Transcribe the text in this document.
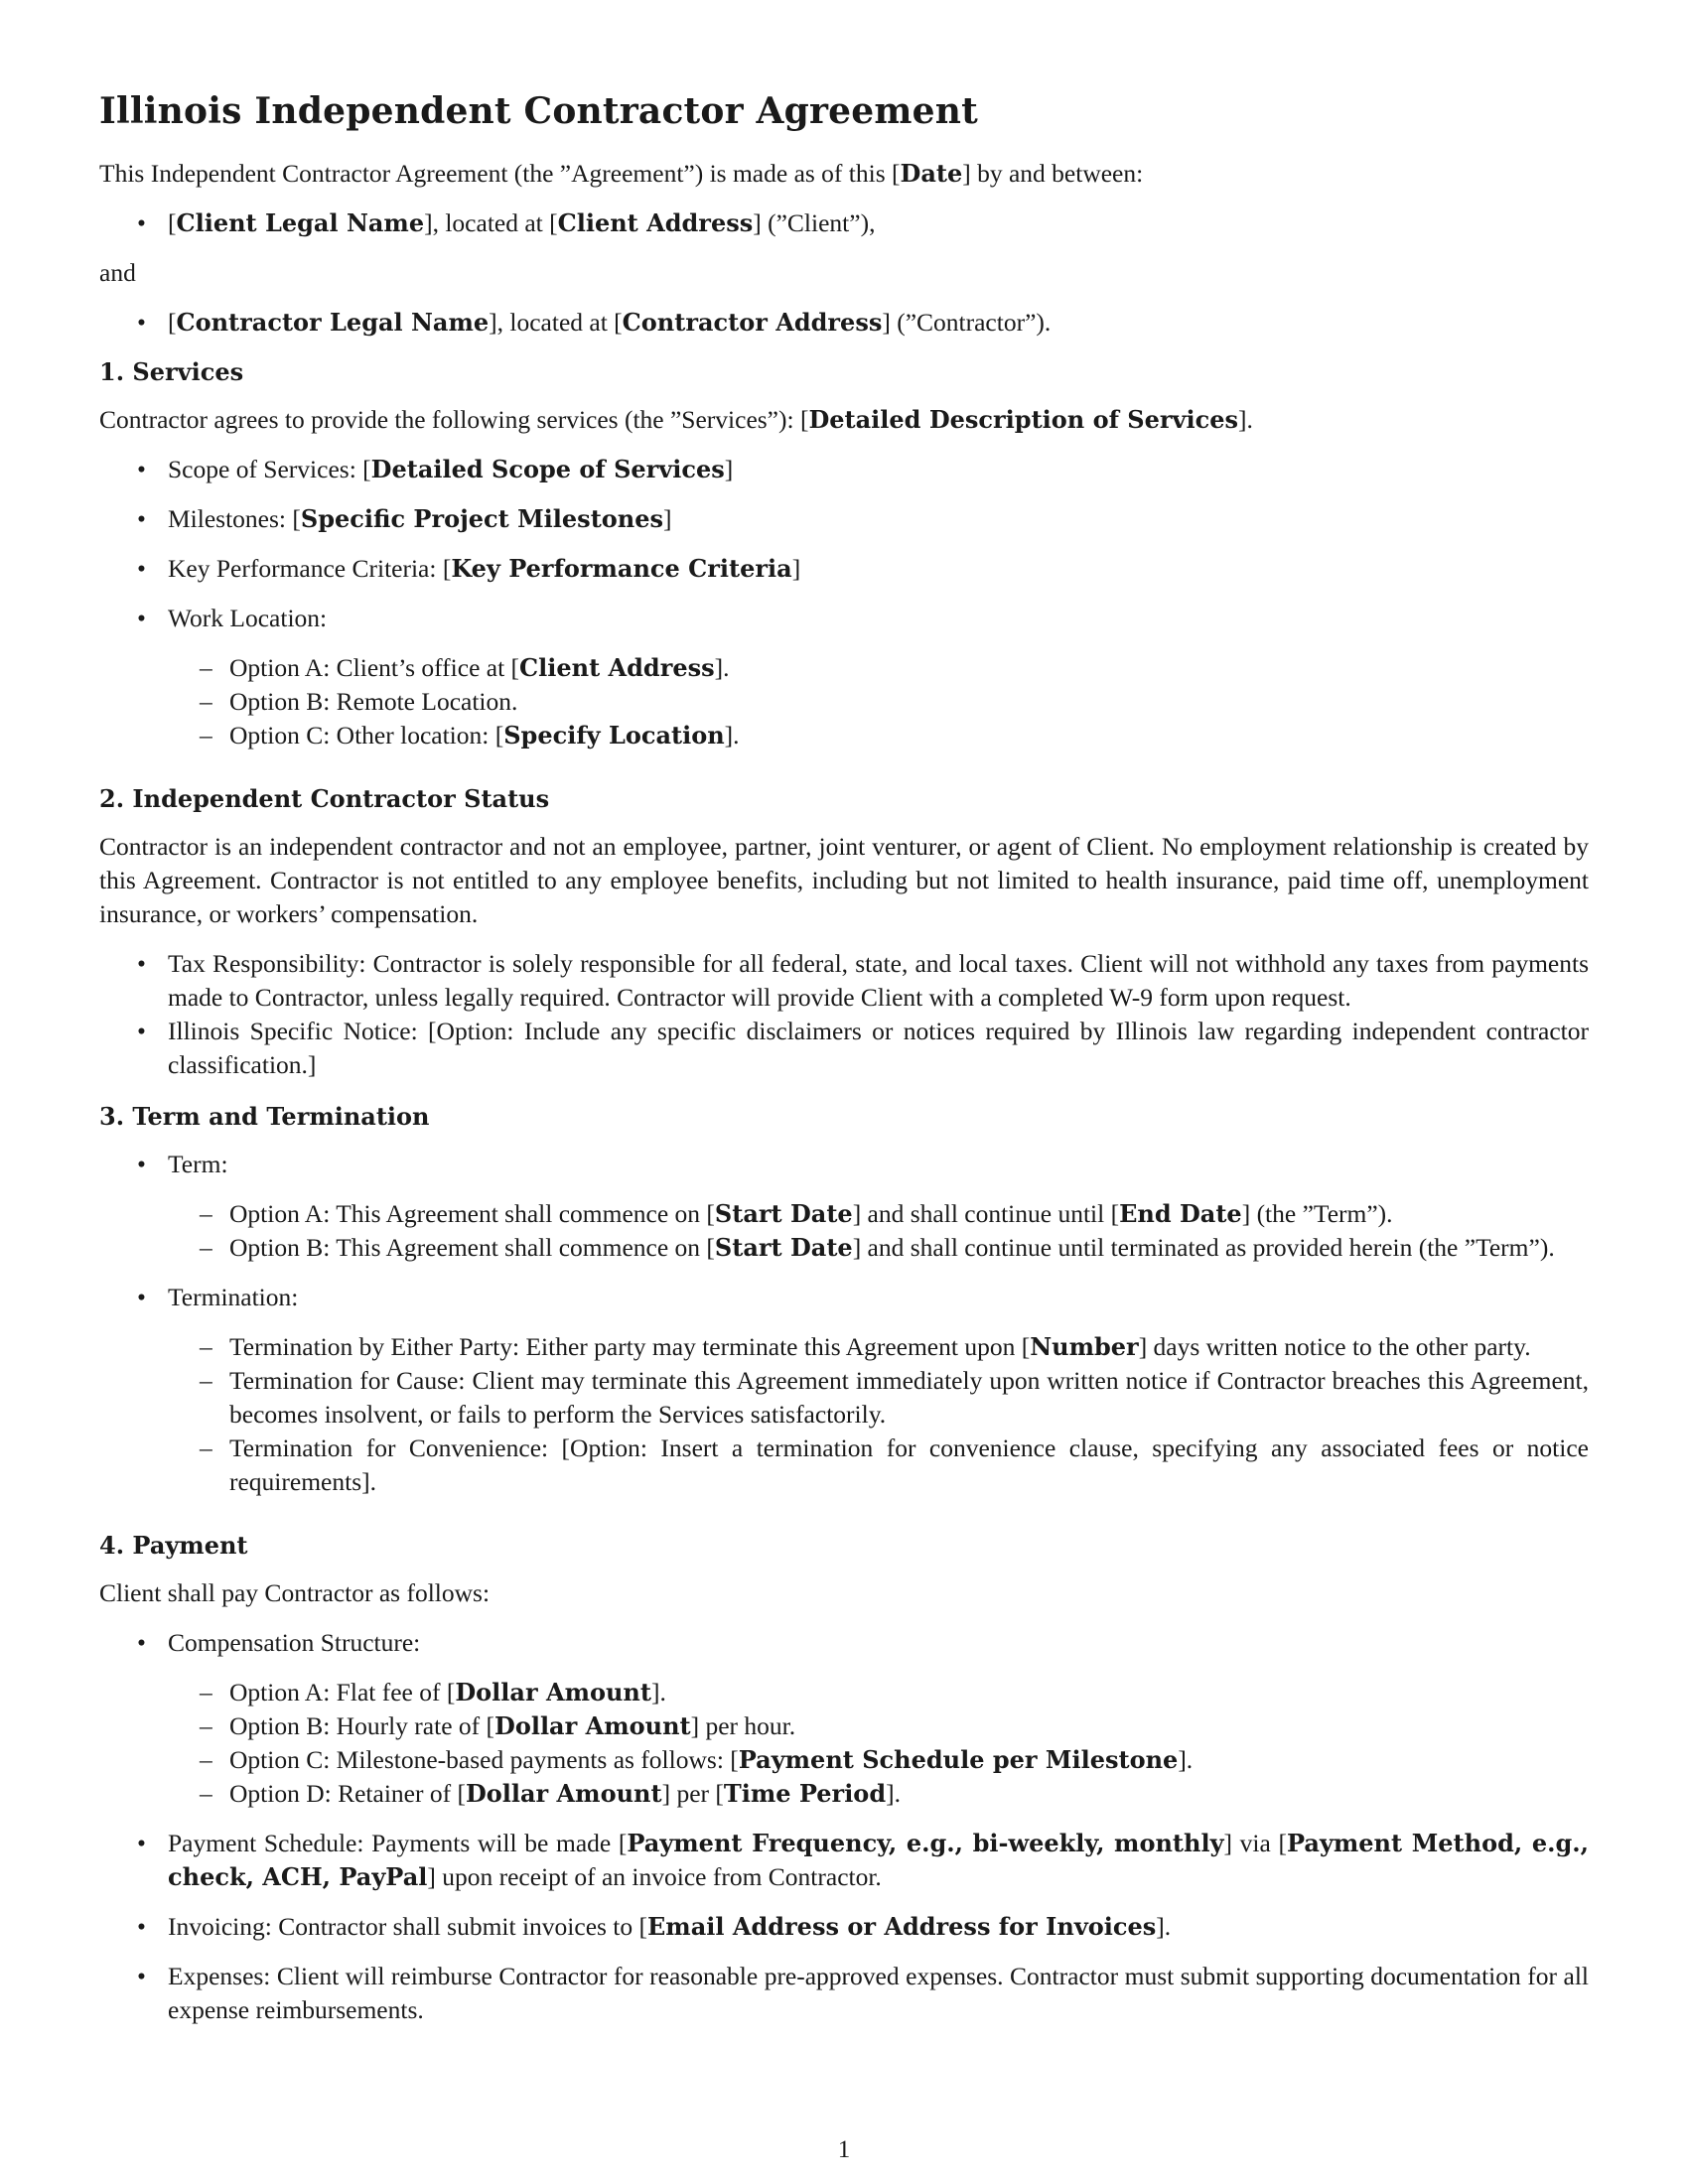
Illinois Independent Contractor Agreement

This Independent Contractor Agreement (the ”Agreement”) is made as of this [Date] by and between:

• [Client Legal Name], located at [Client Address] (”Client”),

and

• [Contractor Legal Name], located at [Contractor Address] (”Contractor”).
1. Services

Contractor agrees to provide the following services (the ”Services”): [Detailed Description of Services].

• Scope of Services: [Detailed Scope of Services]
• Milestones: [Specific Project Milestones]
• Key Performance Criteria: [Key Performance Criteria]
• Work Location:
– Option A: Client’s office at [Client Address].
– Option B: Remote Location.
– Option C: Other location: [Specify Location].
2. Independent Contractor Status

Contractor is an independent contractor and not an employee, partner, joint venturer, or agent of Client. No employment relationship is created by this Agreement. Contractor is not entitled to any employee benefits, including but not limited to health insurance, paid time off, unemployment insurance, or workers’ compensation.

• Tax Responsibility: Contractor is solely responsible for all federal, state, and local taxes. Client will not withhold any taxes from payments made to Contractor, unless legally required. Contractor will provide Client with a completed W-9 form upon request.
• Illinois Specific Notice: [Option: Include any specific disclaimers or notices required by Illinois law regarding independent contractor classification.]
3. Term and Termination
• Term:
– Option A: This Agreement shall commence on [Start Date] and shall continue until [End Date] (the ”Term”).
– Option B: This Agreement shall commence on [Start Date] and shall continue until terminated as provided herein (the ”Term”).
• Termination:
– Termination by Either Party: Either party may terminate this Agreement upon [Number] days written notice to the other party.
– Termination for Cause: Client may terminate this Agreement immediately upon written notice if Contractor breaches this Agreement, becomes insolvent, or fails to perform the Services satisfactorily.
– Termination for Convenience: [Option: Insert a termination for convenience clause, specifying any associated fees or notice requirements].
4. Payment

Client shall pay Contractor as follows:

• Compensation Structure:
– Option A: Flat fee of [Dollar Amount].
– Option B: Hourly rate of [Dollar Amount] per hour.
– Option C: Milestone-based payments as follows: [Payment Schedule per Milestone].
– Option D: Retainer of [Dollar Amount] per [Time Period].
• Payment Schedule: Payments will be made [Payment Frequency, e.g., bi-weekly, monthly] via [Payment Method, e.g., check, ACH, PayPal] upon receipt of an invoice from Contractor.
• Invoicing: Contractor shall submit invoices to [Email Address or Address for Invoices].
• Expenses: Client will reimburse Contractor for reasonable pre-approved expenses. Contractor must submit supporting documentation for all expense reimbursements.
1
